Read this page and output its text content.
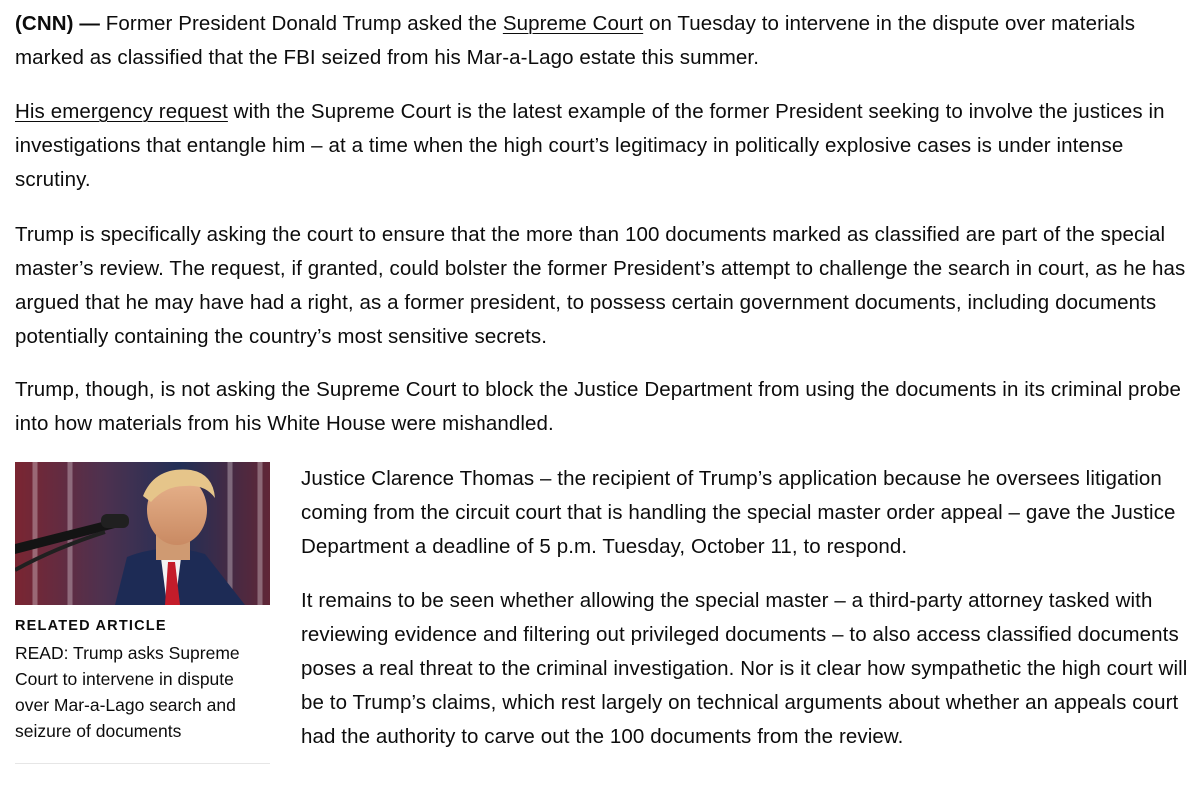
(CNN) — Former President Donald Trump asked the Supreme Court on Tuesday to intervene in the dispute over materials marked as classified that the FBI seized from his Mar-a-Lago estate this summer.

His emergency request with the Supreme Court is the latest example of the former President seeking to involve the justices in investigations that entangle him – at a time when the high court’s legitimacy in politically explosive cases is under intense scrutiny.

Trump is specifically asking the court to ensure that the more than 100 documents marked as classified are part of the special master’s review. The request, if granted, could bolster the former President’s attempt to challenge the search in court, as he has argued that he may have had a right, as a former president, to possess certain government documents, including documents potentially containing the country’s most sensitive secrets.

Trump, though, is not asking the Supreme Court to block the Justice Department from using the documents in its criminal probe into how materials from his White House were mishandled.

RELATED ARTICLE
READ: Trump asks Supreme Court to intervene in dispute over Mar-a-Lago search and seizure of documents

Justice Clarence Thomas – the recipient of Trump’s application because he oversees litigation coming from the circuit court that is handling the special master order appeal – gave the Justice Department a deadline of 5 p.m. Tuesday, October 11, to respond.

It remains to be seen whether allowing the special master – a third-party attorney tasked with reviewing evidence and filtering out privileged documents – to also access classified documents poses a real threat to the criminal investigation. Nor is it clear how sympathetic the high court will be to Trump’s claims, which rest largely on technical arguments about whether an appeals court had the authority to carve out the 100 documents from the review.
